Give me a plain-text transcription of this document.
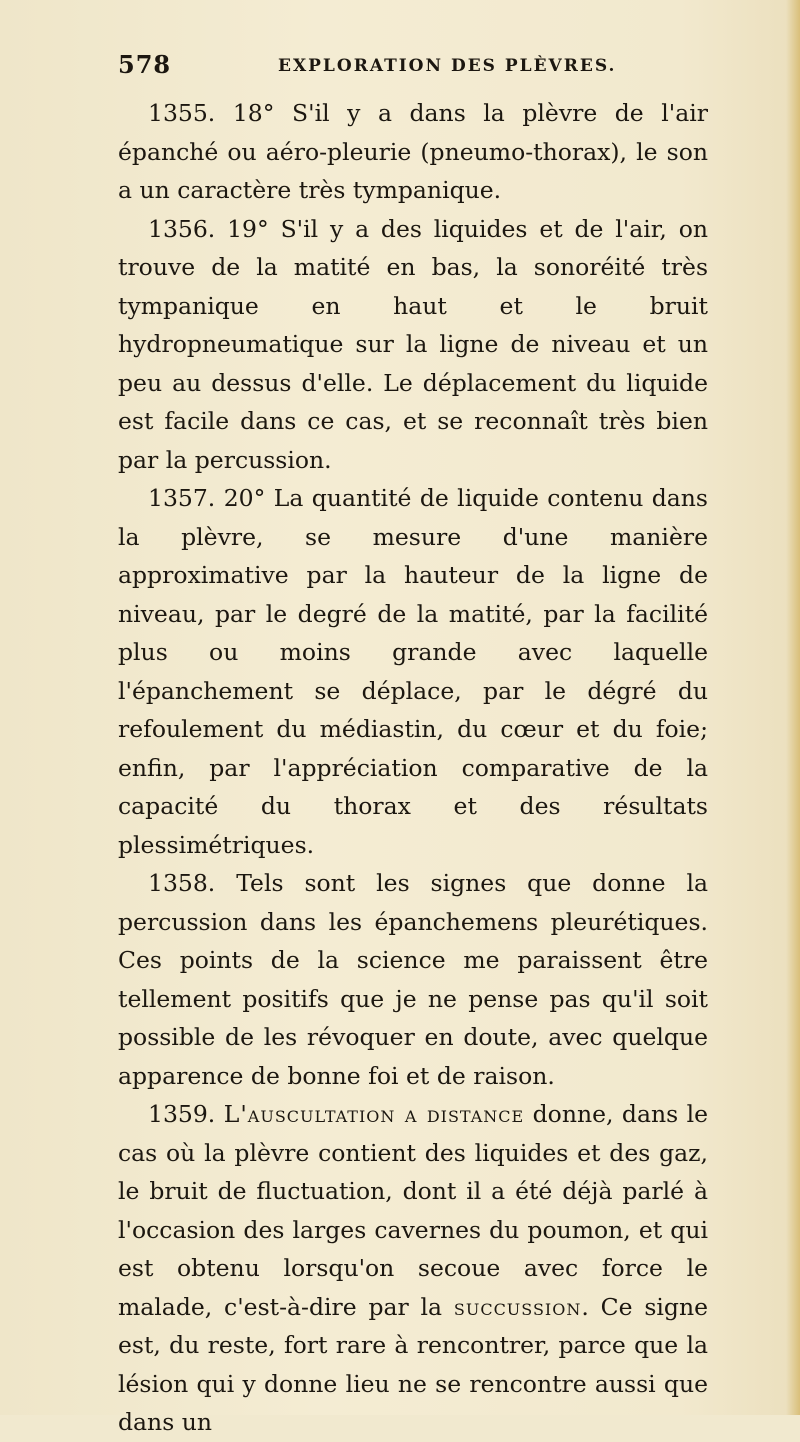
578	EXPLORATION DES PLÈVRES.

1355. 18° S'il y a dans la plèvre de l'air épanché ou aéro-pleurie (pneumo-thorax), le son a un caractère très tympanique.

1356. 19° S'il y a des liquides et de l'air, on trouve de la matité en bas, la sonoréité très tympanique en haut et le bruit hydropneumatique sur la ligne de niveau et un peu au dessus d'elle. Le déplacement du liquide est facile dans ce cas, et se reconnaît très bien par la percussion.

1357. 20° La quantité de liquide contenu dans la plèvre, se mesure d'une manière approximative par la hauteur de la ligne de niveau, par le degré de la matité, par la facilité plus ou moins grande avec laquelle l'épanchement se déplace, par le dégré du refoulement du médiastin, du cœur et du foie; enfin, par l'appréciation comparative de la capacité du thorax et des résultats plessimétriques.

1358. Tels sont les signes que donne la percussion dans les épanchemens pleurétiques. Ces points de la science me paraissent être tellement positifs que je ne pense pas qu'il soit possible de les révoquer en doute, avec quelque apparence de bonne foi et de raison.

1359. L'auscultation a distance donne, dans le cas où la plèvre contient des liquides et des gaz, le bruit de fluctuation, dont il a été déjà parlé à l'occasion des larges cavernes du poumon, et qui est obtenu lorsqu'on secoue avec force le malade, c'est-à-dire par la succussion. Ce signe est, du reste, fort rare à rencontrer, parce que la lésion qui y donne lieu ne se rencontre aussi que dans un
